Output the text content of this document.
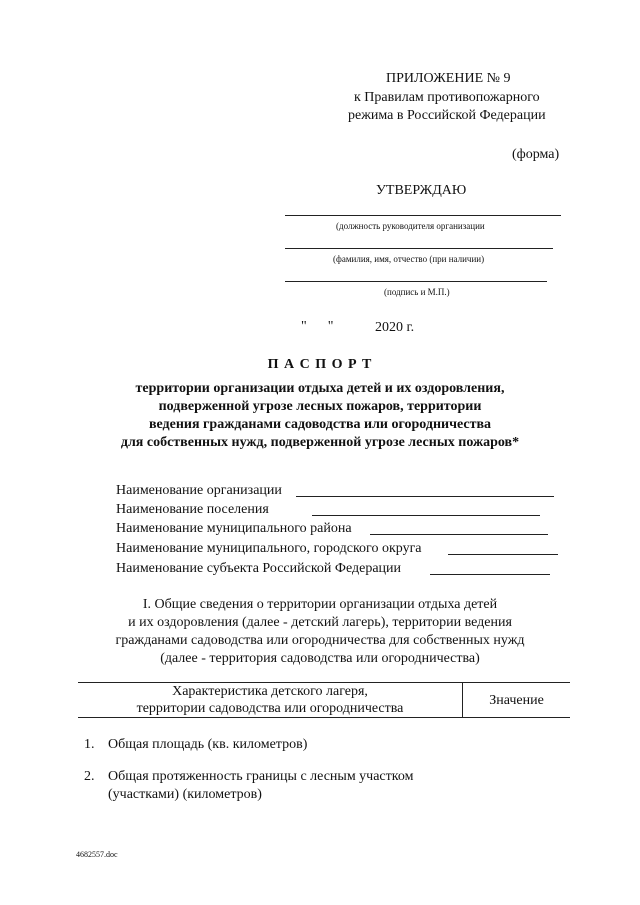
ПРИЛОЖЕНИЕ № 9
к Правилам противопожарного
режима в Российской Федерации
(форма)
УТВЕРЖДАЮ
(должность руководителя организации
(фамилия, имя, отчество (при наличии)
(подпись и М.П.)
"      "	2020 г.
П А С П О Р Т
территории организации отдыха детей и их оздоровления,
подверженной угрозе лесных пожаров, территории
ведения гражданами садоводства или огородничества
для собственных нужд, подверженной угрозе лесных пожаров*
Наименование организации
Наименование поселения
Наименование муниципального района
Наименование муниципального, городского округа
Наименование субъекта Российской Федерации
I. Общие сведения о территории организации отдыха детей
и их оздоровления (далее - детский лагерь), территории ведения
гражданами садоводства или огородничества для собственных нужд
(далее - территория садоводства или огородничества)
Характеристика детского лагеря,
территории садоводства или огородничества
	Значение
1. Общая площадь (кв. километров)
2. Общая протяженность границы с лесным участком
(участками) (километров)
4682557.doc
